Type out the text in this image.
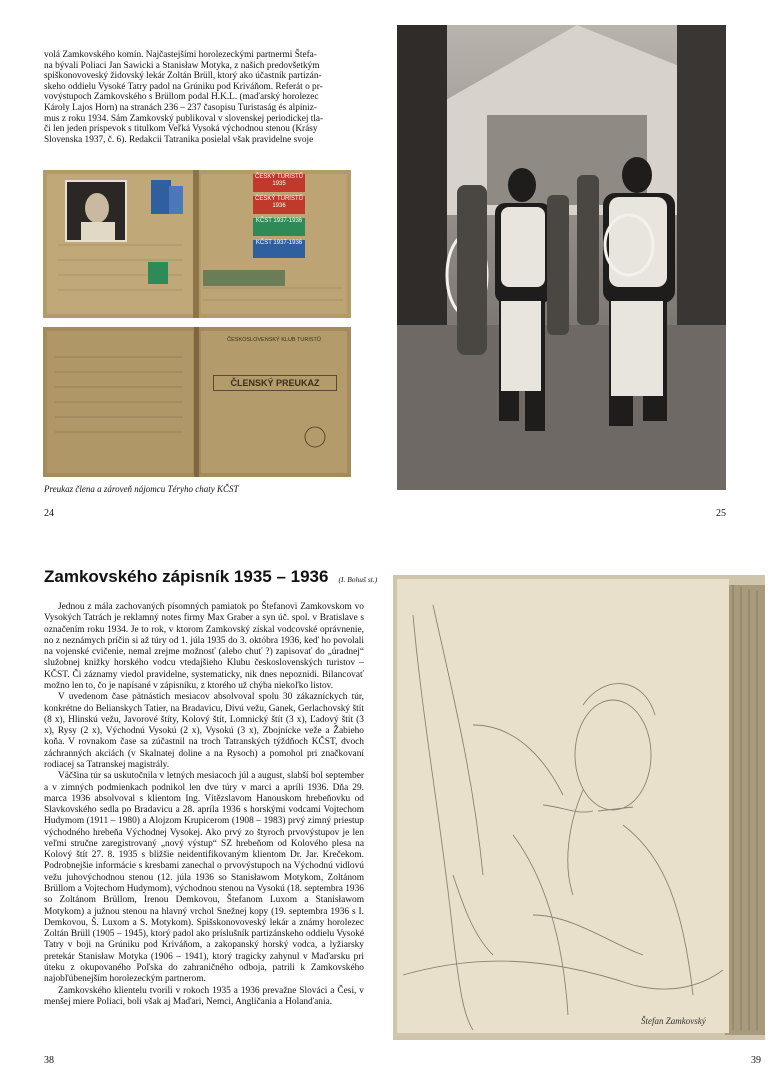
volá Zamkovského komín. Najčastejšími horolezeckými partnermi Štefa-
na bývali Poliaci Jan Sawicki a Stanisław Motyka, z našich predovšetkým
spiškonovoveský židovský lekár Zoltán Brüll, ktorý ako účastník partizán-
skeho oddielu Vysoké Tatry padol na Grúniku pod Kriváňom. Referát o pr-
vovýstupoch Zamkovského s Brüllom podal H.K.L. (maďarský horolezec
Károly Lajos Horn) na stranách 236 – 237 časopisu Turistaság és alpiniz-
mus z roku 1934. Sám Zamkovský publikoval v slovenskej periodickej tla-
či len jeden príspevok s titulkom Veľká Vysoká východnou stenou (Krásy
Slovenska 1937, č. 6). Redakcii Tatranika posielal však pravidelne svoje
ČESKÝ TURISTŮ 1935
ČESKÝ TURISTŮ 1936
KČST 1937-1936
KČST 1937-1936
ČESKOSLOVENSKÝ KLUB TURISTŮ
ČLENSKÝ PREUKAZ
Preukaz člena a zároveň nájomcu Téryho chaty KČST
24	25
Zamkovského zápisník 1935 – 1936 (I. Bohuš st.)

Jednou z mála zachovaných písomných pamiatok po Štefanovi Zamkovskom vo Vysokých Tatrách je reklamný notes firmy Max Graber a syn úč. spol. v Bratislave s označením roku 1934. Je to rok, v ktorom Zamkovský získal vodcovské oprávnenie, no z neznámych príčin si až túry od 1. júla 1935 do 3. októbra 1936, keď ho povolali na vojenské cvičenie, nemal zrejme možnosť (alebo chuť ?) zapisovať do „úradnej“ služobnej knižky horského vodcu vtedajšieho Klubu československých turistov – KČST. Či záznamy viedol pravidelne, systematicky, nik dnes nepoznidi. Bilancovať možno len to, čo je napísané v zápisníku, z ktorého už chýba niekoľko listov.

V uvedenom čase pätnástich mesiacov absolvoval spolu 30 zákazníckych túr, konkrétne do Belianskych Tatier, na Bradavicu, Divú vežu, Ganek, Gerlachovský štít (8 x), Hlinskú vežu, Javorové štíty, Kolový štít, Lomnický štít (3 x), Ľadový štít (3 x), Rysy (2 x), Východnú Vysokú (2 x), Vysokú (3 x), Zbojnícke veže a Žabieho koňa. V rovnakom čase sa zúčastnil na troch Tatranských týždňoch KČST, dvoch záchranných akciách (v Skalnatej doline a na Rysoch) a pomohol pri značkovaní rodiacej sa Tatranskej magistrály.

Väčšina túr sa uskutočnila v letných mesiacoch júl a august, slabší bol september a v zimných podmienkach podnikol len dve túry v marci a apríli 1936. Dňa 29. marca 1936 absolvoval s klientom Ing. Vítězslavom Hanouskom hrebeňovku od Slavkovského sedla po Bradavicu a 28. apríla 1936 s horskými vodcami Vojtechom Hudymom (1911 – 1980) a Alojzom Krupicerom (1908 – 1983) prvý zimný priestup východného hrebeňa Východnej Vysokej. Ako prvý zo štyroch prvovýstupov je len veľmi stručne zaregistrovaný „nový výstup“ SZ hrebeňom od Kolového plesa na Kolový štít 27. 8. 1935 s bližšie neidentifikovaným klientom Dr. Jar. Krečekom. Podrobnejšie informácie s kresbami zanechal o prvovýstupoch na Východnú vidlovú vežu juhovýchodnou stenou (12. júla 1936 so Stanisławom Motykom, Zoltánom Brüllom a Vojtechom Hudymom), východnou stenou na Vysokú (18. septembra 1936 so Zoltánom Brüllom, Irenou Demkovou, Štefanom Luxom a Stanisławom Motykom) a južnou stenou na hlavný vrchol Snežnej kopy (19. septembra 1936 s I. Demkovou, Š. Luxom a S. Motykom). Spišskonovoveský lekár a známy horolezec Zoltán Brüll (1905 – 1945), ktorý padol ako príslušník partizánskeho oddielu Vysoké Tatry v boji na Grúniku pod Kriváňom, a zakopanský horský vodca, a lyžiarsky pretekár Stanisław Motyka (1906 – 1941), ktorý tragicky zahynul v Maďarsku pri úteku z okupovaného Poľska do zahraničného odboja, patrili k Zamkovského najobľúbenejším horolezeckým partnerom.

Zamkovského klientelu tvorili v rokoch 1935 a 1936 prevažne Slováci a Česi, v menšej miere Poliaci, boli však aj Maďari, Nemci, Angličania a Holanďania.

38
Štefan Zamkovský
39
